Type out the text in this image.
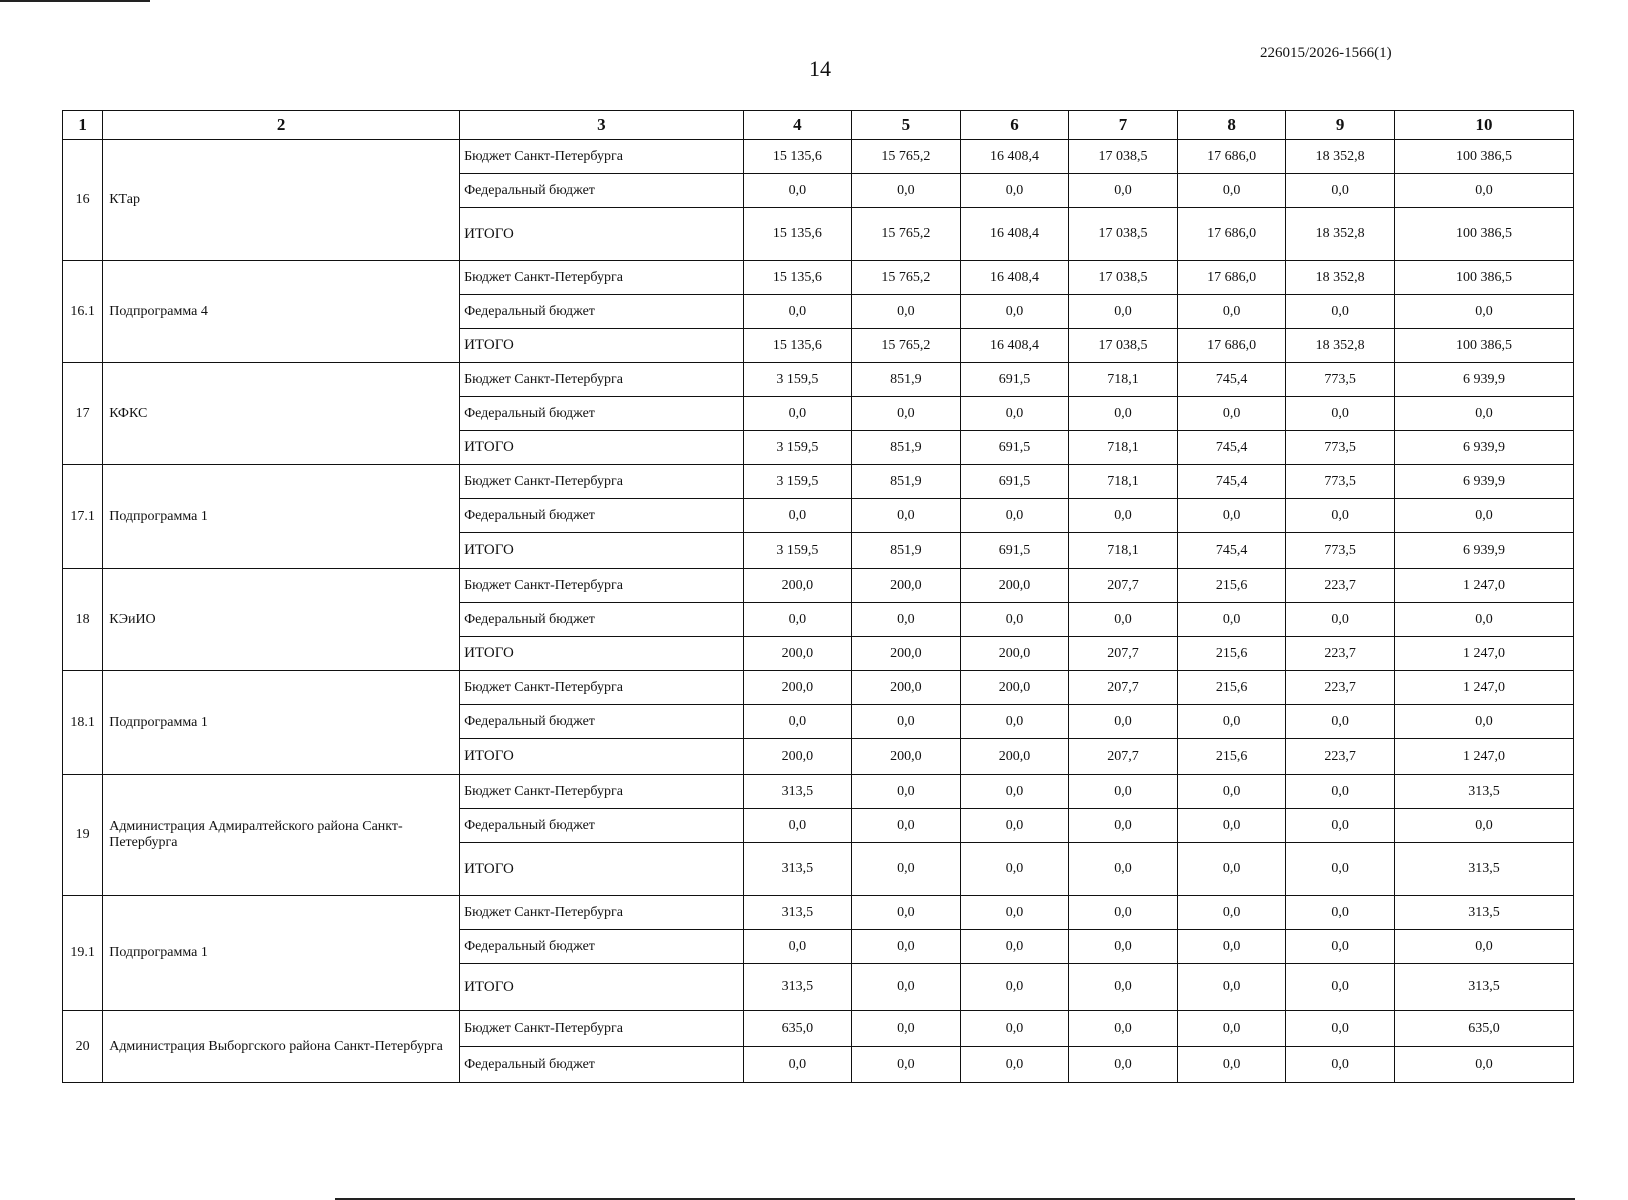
14
226015/2026-1566(1)
1	2	3	4	5	6	7	8	9	10
16	КТар	Бюджет Санкт-Петербурга	15 135,6	15 765,2	16 408,4	17 038,5	17 686,0	18 352,8	100 386,5
		Федеральный бюджет	0,0	0,0	0,0	0,0	0,0	0,0	0,0
		ИТОГО	15 135,6	15 765,2	16 408,4	17 038,5	17 686,0	18 352,8	100 386,5
16.1	Подпрограмма 4	Бюджет Санкт-Петербурга	15 135,6	15 765,2	16 408,4	17 038,5	17 686,0	18 352,8	100 386,5
		Федеральный бюджет	0,0	0,0	0,0	0,0	0,0	0,0	0,0
		ИТОГО	15 135,6	15 765,2	16 408,4	17 038,5	17 686,0	18 352,8	100 386,5
17	КФКС	Бюджет Санкт-Петербурга	3 159,5	851,9	691,5	718,1	745,4	773,5	6 939,9
		Федеральный бюджет	0,0	0,0	0,0	0,0	0,0	0,0	0,0
		ИТОГО	3 159,5	851,9	691,5	718,1	745,4	773,5	6 939,9
17.1	Подпрограмма 1	Бюджет Санкт-Петербурга	3 159,5	851,9	691,5	718,1	745,4	773,5	6 939,9
		Федеральный бюджет	0,0	0,0	0,0	0,0	0,0	0,0	0,0
		ИТОГО	3 159,5	851,9	691,5	718,1	745,4	773,5	6 939,9
18	КЭиИО	Бюджет Санкт-Петербурга	200,0	200,0	200,0	207,7	215,6	223,7	1 247,0
		Федеральный бюджет	0,0	0,0	0,0	0,0	0,0	0,0	0,0
		ИТОГО	200,0	200,0	200,0	207,7	215,6	223,7	1 247,0
18.1	Подпрограмма 1	Бюджет Санкт-Петербурга	200,0	200,0	200,0	207,7	215,6	223,7	1 247,0
		Федеральный бюджет	0,0	0,0	0,0	0,0	0,0	0,0	0,0
		ИТОГО	200,0	200,0	200,0	207,7	215,6	223,7	1 247,0
19	Администрация Адмиралтейского района Санкт-Петербурга	Бюджет Санкт-Петербурга	313,5	0,0	0,0	0,0	0,0	0,0	313,5
		Федеральный бюджет	0,0	0,0	0,0	0,0	0,0	0,0	0,0
		ИТОГО	313,5	0,0	0,0	0,0	0,0	0,0	313,5
19.1	Подпрограмма 1	Бюджет Санкт-Петербурга	313,5	0,0	0,0	0,0	0,0	0,0	313,5
		Федеральный бюджет	0,0	0,0	0,0	0,0	0,0	0,0	0,0
		ИТОГО	313,5	0,0	0,0	0,0	0,0	0,0	313,5
20	Администрация Выборгского района Санкт-Петербурга	Бюджет Санкт-Петербурга	635,0	0,0	0,0	0,0	0,0	0,0	635,0
		Федеральный бюджет	0,0	0,0	0,0	0,0	0,0	0,0	0,0
